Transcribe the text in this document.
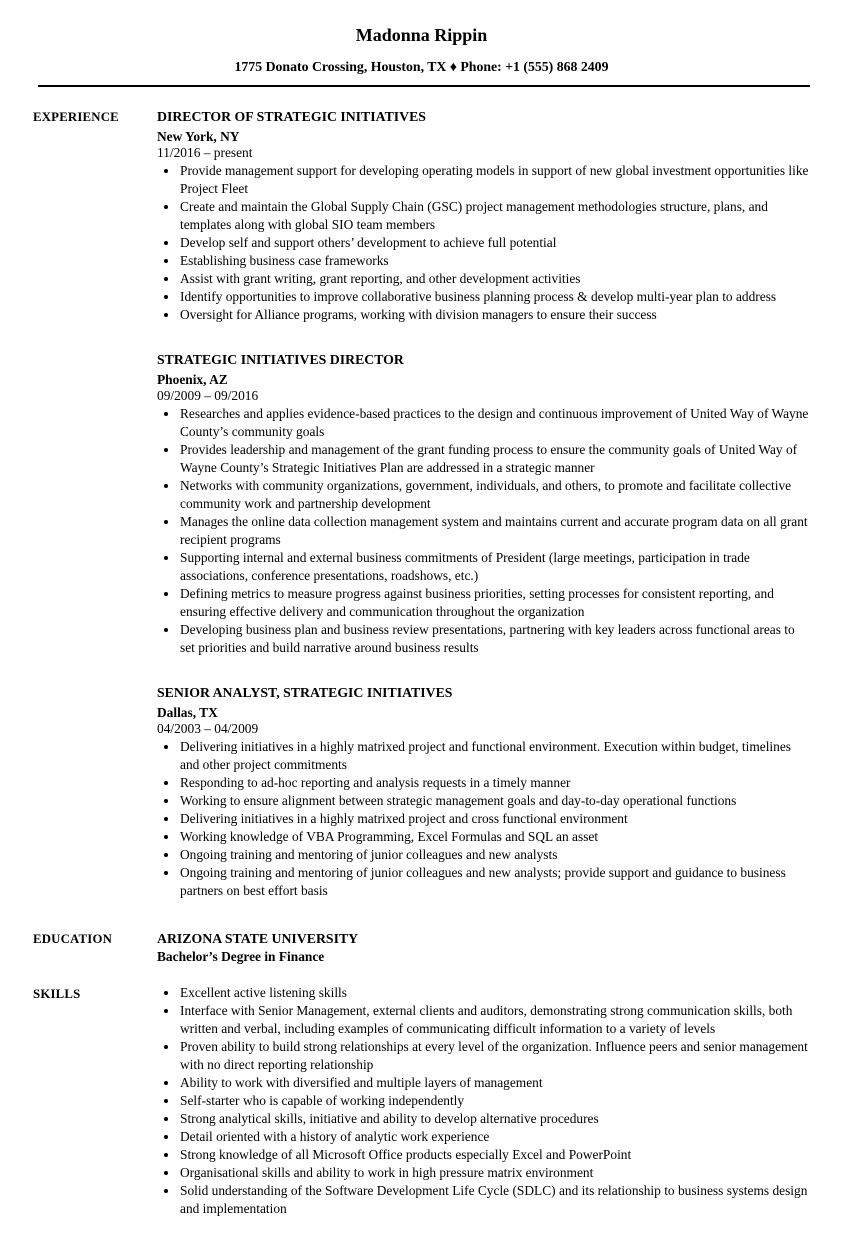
Madonna Rippin
1775 Donato Crossing, Houston, TX ♦ Phone: +1 (555) 868 2409
EXPERIENCE	DIRECTOR OF STRATEGIC INITIATIVES
New York, NY
11/2016 – present
• Provide management support for developing operating models in support of new global investment opportunities like Project Fleet
• Create and maintain the Global Supply Chain (GSC) project management methodologies structure, plans, and templates along with global SIO team members
• Develop self and support others’ development to achieve full potential
• Establishing business case frameworks
• Assist with grant writing, grant reporting, and other development activities
• Identify opportunities to improve collaborative business planning process & develop multi-year plan to address
• Oversight for Alliance programs, working with division managers to ensure their success
STRATEGIC INITIATIVES DIRECTOR
Phoenix, AZ
09/2009 – 09/2016
• Researches and applies evidence-based practices to the design and continuous improvement of United Way of Wayne County’s community goals
• Provides leadership and management of the grant funding process to ensure the community goals of United Way of Wayne County’s Strategic Initiatives Plan are addressed in a strategic manner
• Networks with community organizations, government, individuals, and others, to promote and facilitate collective community work and partnership development
• Manages the online data collection management system and maintains current and accurate program data on all grant recipient programs
• Supporting internal and external business commitments of President (large meetings, participation in trade associations, conference presentations, roadshows, etc.)
• Defining metrics to measure progress against business priorities, setting processes for consistent reporting, and ensuring effective delivery and communication throughout the organization
• Developing business plan and business review presentations, partnering with key leaders across functional areas to set priorities and build narrative around business results
SENIOR ANALYST, STRATEGIC INITIATIVES
Dallas, TX
04/2003 – 04/2009
• Delivering initiatives in a highly matrixed project and functional environment. Execution within budget, timelines and other project commitments
• Responding to ad-hoc reporting and analysis requests in a timely manner
• Working to ensure alignment between strategic management goals and day-to-day operational functions
• Delivering initiatives in a highly matrixed project and cross functional environment
• Working knowledge of VBA Programming, Excel Formulas and SQL an asset
• Ongoing training and mentoring of junior colleagues and new analysts
• Ongoing training and mentoring of junior colleagues and new analysts; provide support and guidance to business partners on best effort basis
EDUCATION	ARIZONA STATE UNIVERSITY
Bachelor’s Degree in Finance
SKILLS	• Excellent active listening skills
• Interface with Senior Management, external clients and auditors, demonstrating strong communication skills, both written and verbal, including examples of communicating difficult information to a variety of levels
• Proven ability to build strong relationships at every level of the organization. Influence peers and senior management with no direct reporting relationship
• Ability to work with diversified and multiple layers of management
• Self-starter who is capable of working independently
• Strong analytical skills, initiative and ability to develop alternative procedures
• Detail oriented with a history of analytic work experience
• Strong knowledge of all Microsoft Office products especially Excel and PowerPoint
• Organisational skills and ability to work in high pressure matrix environment
• Solid understanding of the Software Development Life Cycle (SDLC) and its relationship to business systems design and implementation
